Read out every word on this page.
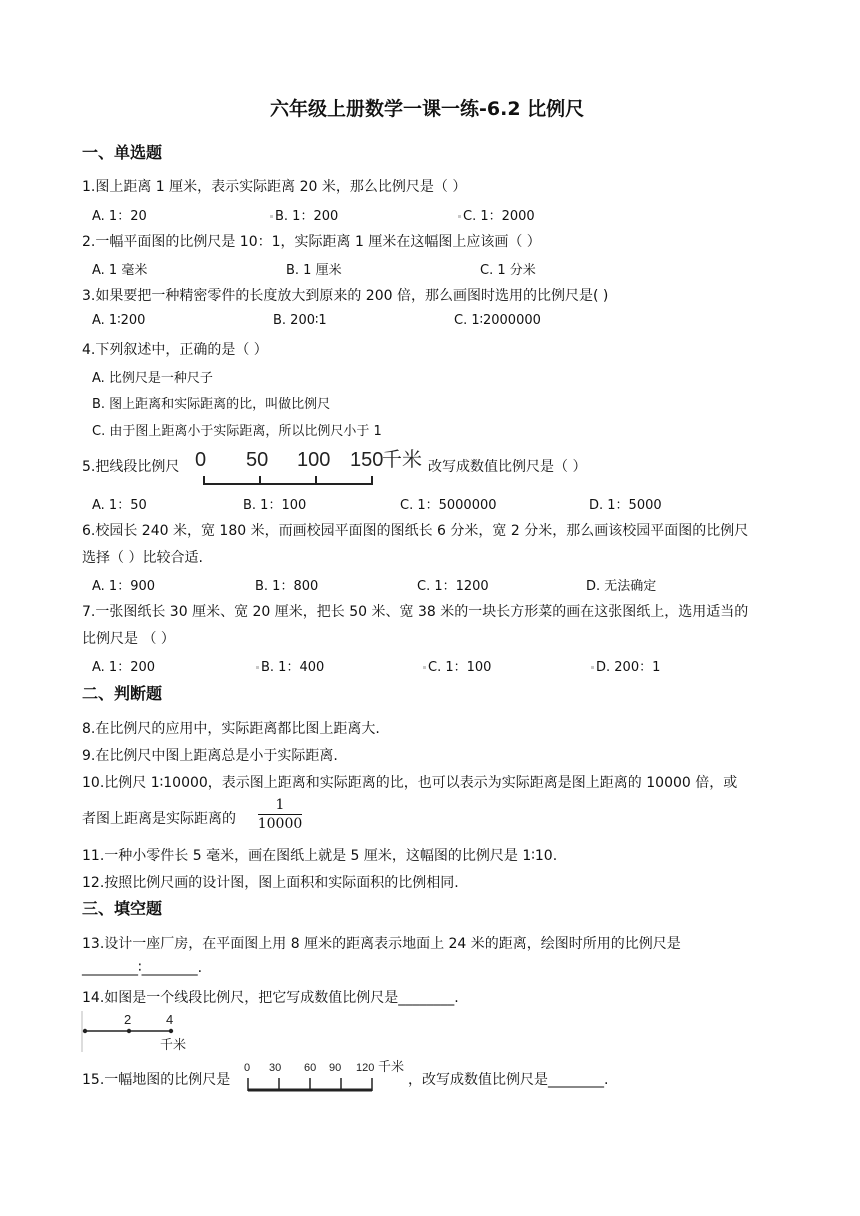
六年级上册数学一课一练-6.2 比例尺
一、单选题
1.图上距离 1 厘米，表示实际距离 20 米，那么比例尺是（ ）
A. 1：20	B. 1：200	C. 1：2000
2.一幅平面图的比例尺是 10：1，实际距离 1 厘米在这幅图上应该画（ ）
A. 1 毫米	B. 1 厘米	C. 1 分米
3.如果要把一种精密零件的长度放大到原来的 200 倍，那么画图时选用的比例尺是( )
A. 1∶200	B. 200∶1	C. 1∶2000000
4.下列叙述中，正确的是（ ）
A. 比例尺是一种尺子
B. 图上距离和实际距离的比，叫做比例尺
C. 由于图上距离小于实际距离，所以比例尺小于 1
5.把线段比例尺 0 50 100 150
千米 改写成数值比例尺是（ ）
A. 1：50	B. 1：100	C. 1：5000000	D. 1：5000
6.校园长 240 米，宽 180 米，而画校园平面图的图纸长 6 分米，宽 2 分米，那么画该校园平面图的比例尺
选择（ ）比较合适.
A. 1：900	B. 1：800	C. 1：1200	D. 无法确定
7.一张图纸长 30 厘米、宽 20 厘米，把长 50 米、宽 38 米的一块长方形菜的画在这张图纸上，选用适当的
比例尺是 （ ）
A. 1：200	B. 1：400	C. 1：100	D. 200：1
二、判断题
8.在比例尺的应用中，实际距离都比图上距离大.
9.在比例尺中图上距离总是小于实际距离.
10.比例尺 1∶10000，表示图上距离和实际距离的比，也可以表示为实际距离是图上距离的 10000 倍，或
者图上距离是实际距离的
1
10000
11.一种小零件长 5 毫米，画在图纸上就是 5 厘米，这幅图的比例尺是 1∶10.
12.按照比例尺画的设计图，图上面积和实际面积的比例相同.
三、填空题
13.设计一座厂房，在平面图上用 8 厘米的距离表示地面上 24 米的距离，绘图时所用的比例尺是
________∶________.
14.如图是一个线段比例尺，把它写成数值比例尺是________.
2	4
千米
15.一幅地图的比例尺是
0 30 60 90 120 千米
，改写成数值比例尺是________.
